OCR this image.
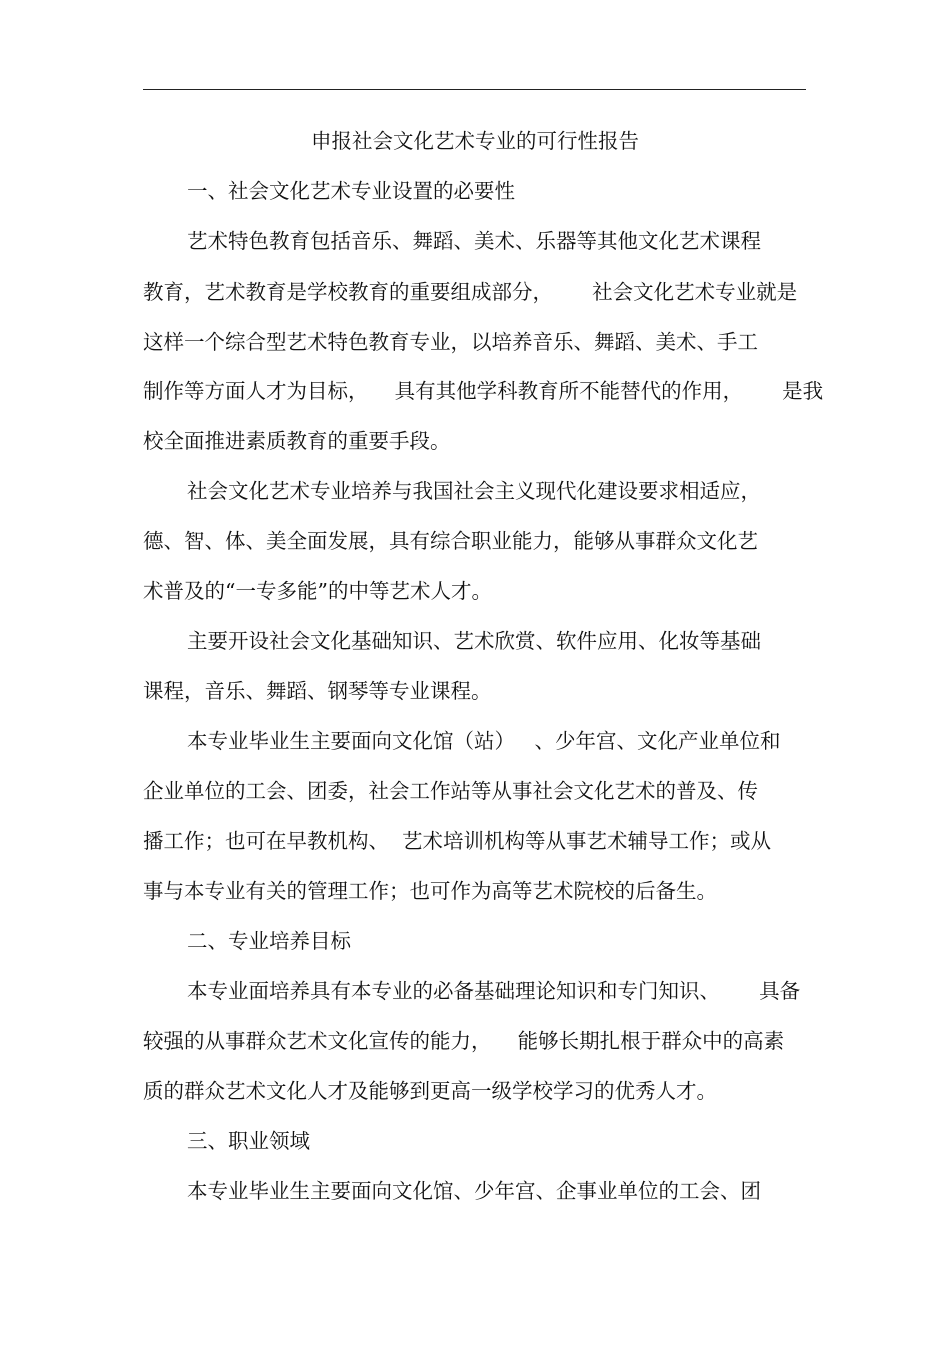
申报社会文化艺术专业的可行性报告
一、社会文化艺术专业设置的必要性
艺术特色教育包括音乐、舞蹈、美术、乐器等其他文化艺术课程
教育，艺术教育是学校教育的重要组成部分，      社会文化艺术专业就是
这样一个综合型艺术特色教育专业，以培养音乐、舞蹈、美术、手工
制作等方面人才为目标，    具有其他学科教育所不能替代的作用，      是我
校全面推进素质教育的重要手段。
社会文化艺术专业培养与我国社会主义现代化建设要求相适应，
德、智、体、美全面发展，具有综合职业能力，能够从事群众文化艺
术普及的“一专多能”的中等艺术人才。
主要开设社会文化基础知识、艺术欣赏、软件应用、化妆等基础
课程，音乐、舞蹈、钢琴等专业课程。
本专业毕业生主要面向文化馆（站）   、少年宫、文化产业单位和
企业单位的工会、团委，社会工作站等从事社会文化艺术的普及、传
播工作；也可在早教机构、  艺术培训机构等从事艺术辅导工作；或从
事与本专业有关的管理工作；也可作为高等艺术院校的后备生。
二、专业培养目标
本专业面培养具有本专业的必备基础理论知识和专门知识、      具备
较强的从事群众艺术文化宣传的能力，    能够长期扎根于群众中的高素
质的群众艺术文化人才及能够到更高一级学校学习的优秀人才。
三、职业领域
本专业毕业生主要面向文化馆、少年宫、企事业单位的工会、团
